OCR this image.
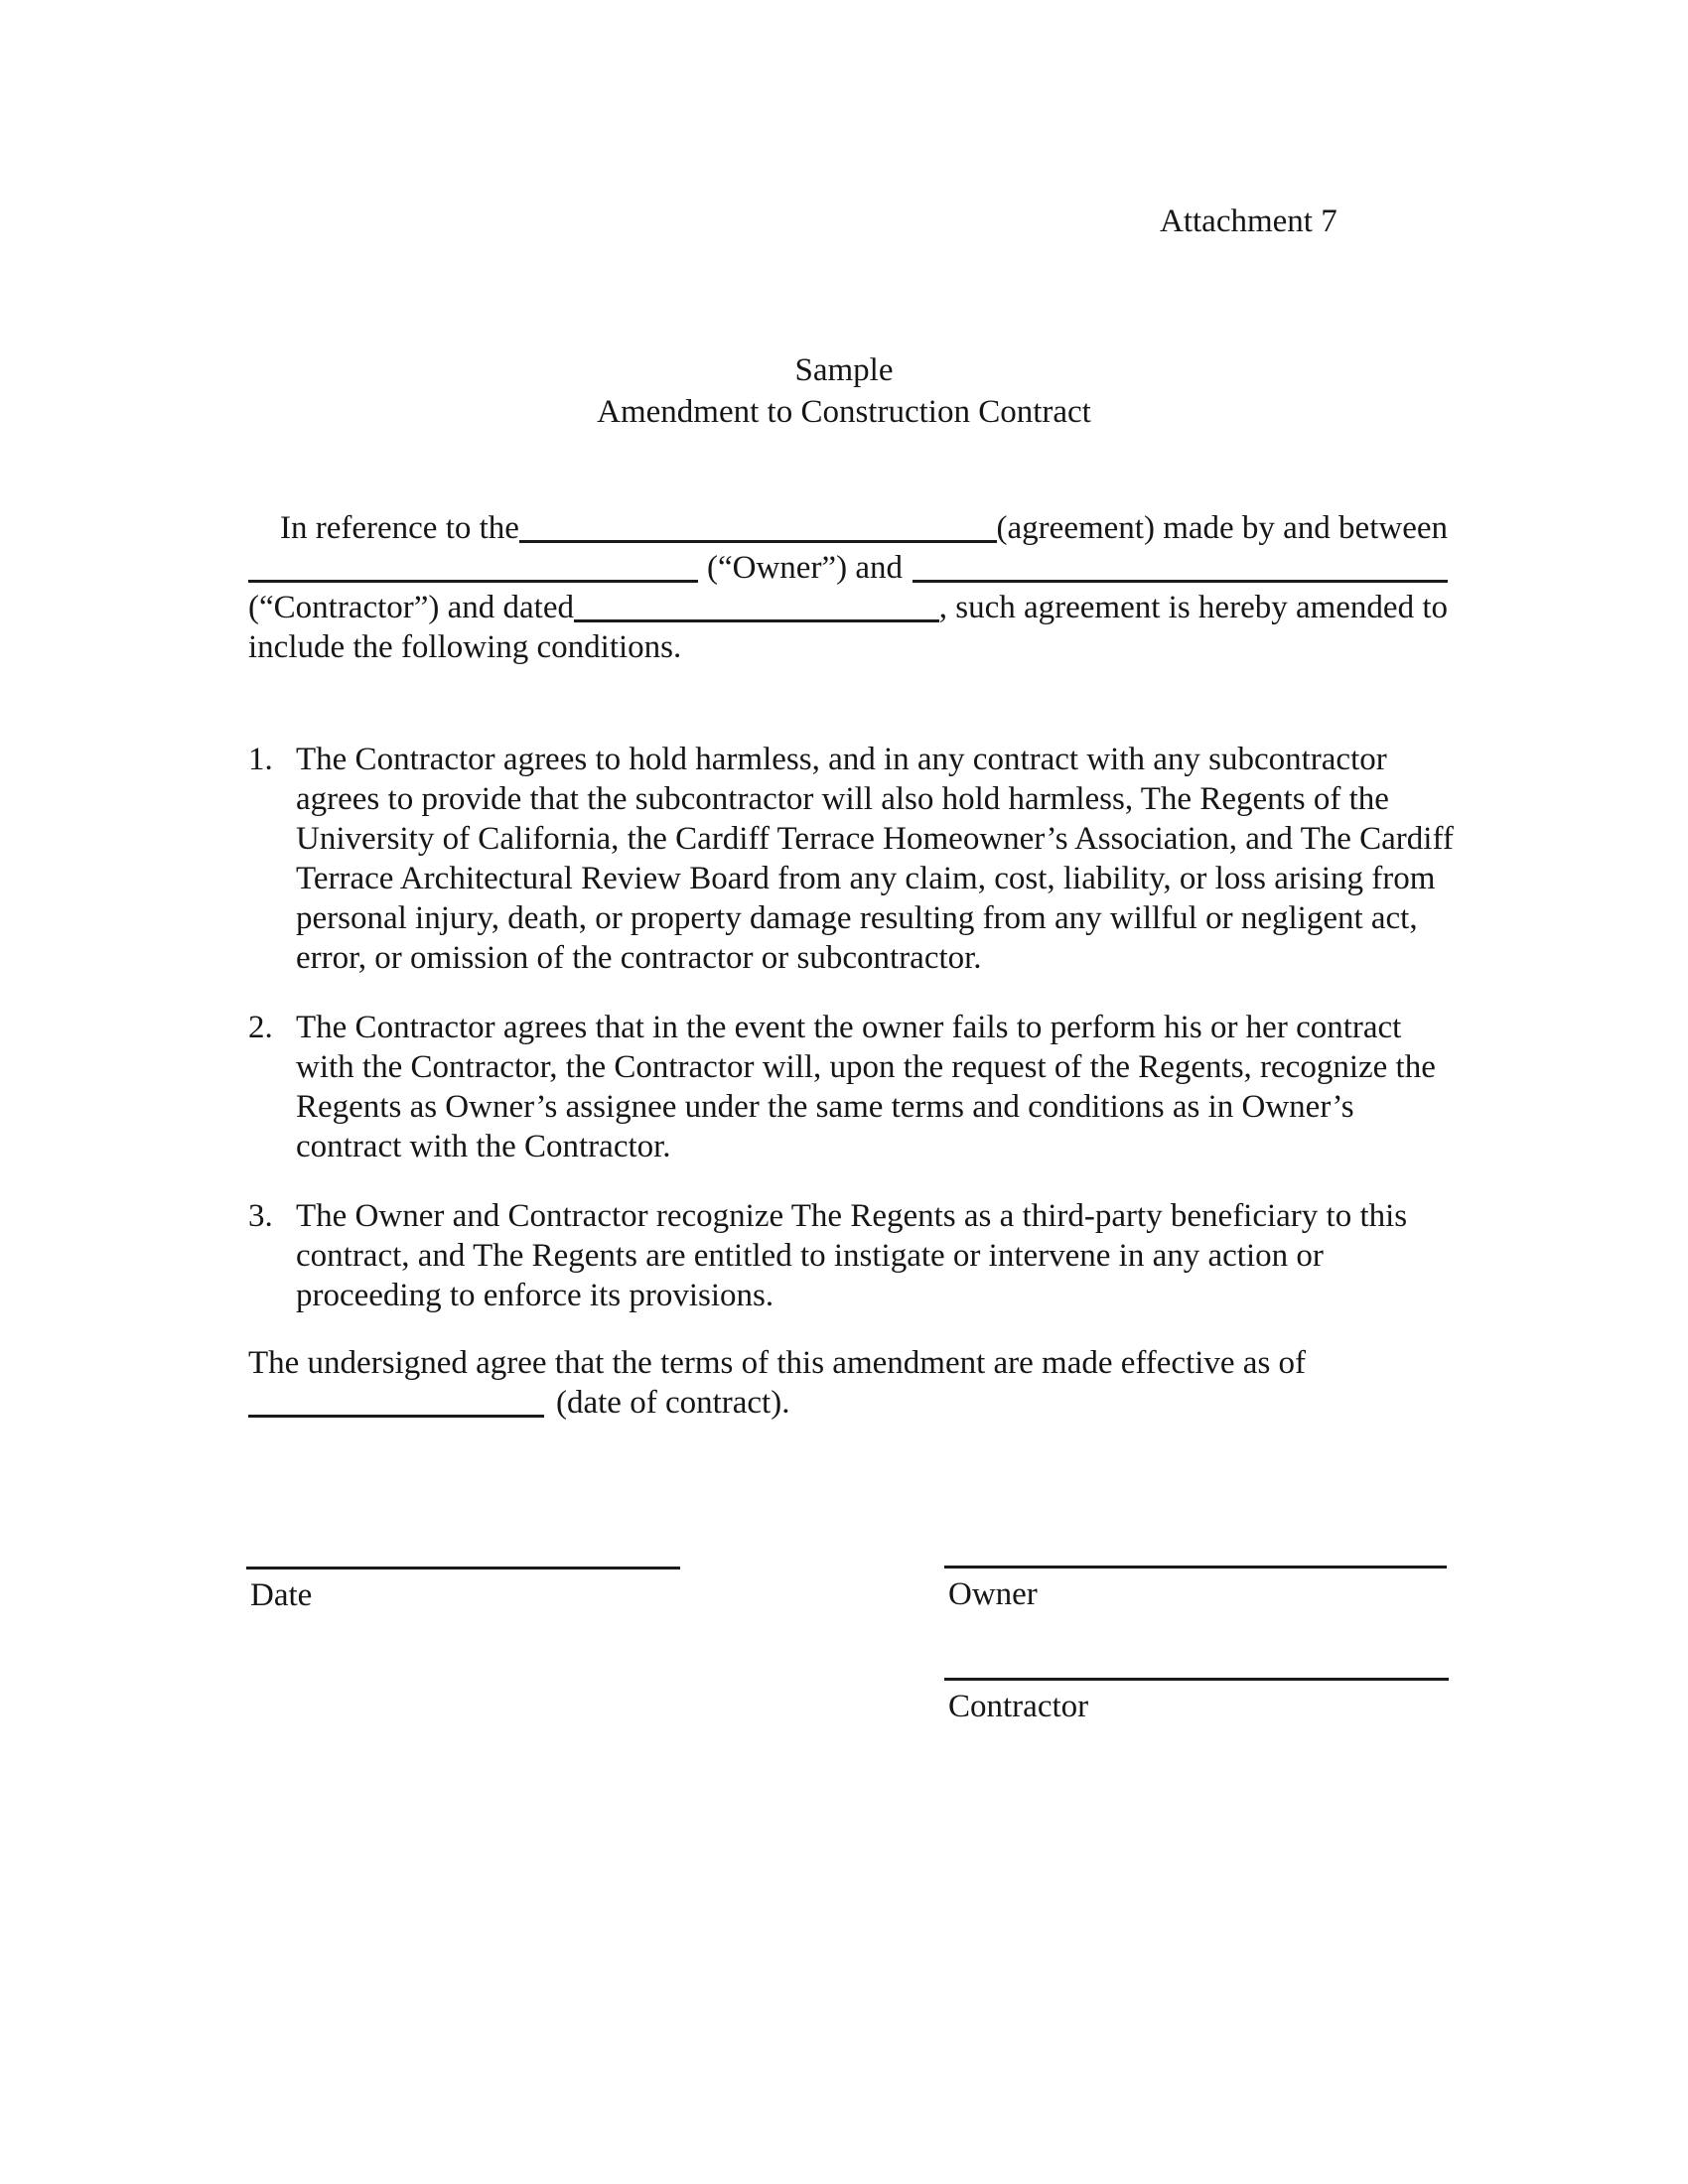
Attachment 7
Sample
Amendment to Construction Contract
In reference to the	(agreement) made by and between
(“Owner”) and
(“Contractor”) and dated	, such agreement is hereby amended to
include the following conditions.
1. The Contractor agrees to hold harmless, and in any contract with any subcontractor agrees to provide that the subcontractor will also hold harmless, The Regents of the University of California, the Cardiff Terrace Homeowner’s Association, and The Cardiff Terrace Architectural Review Board from any claim, cost, liability, or loss arising from personal injury, death, or property damage resulting from any willful or negligent act, error, or omission of the contractor or subcontractor.
2. The Contractor agrees that in the event the owner fails to perform his or her contract with the Contractor, the Contractor will, upon the request of the Regents, recognize the Regents as Owner’s assignee under the same terms and conditions as in Owner’s contract with the Contractor.
3. The Owner and Contractor recognize The Regents as a third-party beneficiary to this contract, and The Regents are entitled to instigate or intervene in any action or proceeding to enforce its provisions.
The undersigned agree that the terms of this amendment are made effective as of
(date of contract).
Date	Owner
Contractor
